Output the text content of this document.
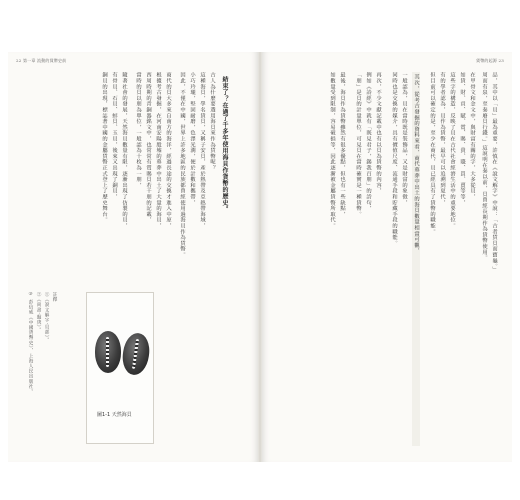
22 第一章 流動的貨幣史前
結束了？在過了千多年使用海貝作貨幣的歷史。
古人為什麼要選用海貝來作為貨幣呢？
這種海貝，學名貨貝，又稱子安貝，產於熱帶及亞熱帶海域，
小巧玲瓏，堅固耐磨，色澤光潤，便於計數和攜帶，
因此，不僅在中國，世界上許多地區的民族都曾經使用過海貝作為貨幣。
商代的貝大多來自南方的海洋，經過長途的交換才進入中原，
根據考古發掘，在河南安陽殷墟的墓葬中出土了大量的海貝，
西周時期的青銅器銘文中，也常常有賞賜貝若干朋的記載，
當時的貝以朋為單位，一般認為十枚為一朋，
隨著社會的發展，天然海貝數量有限，逐漸出現了仿製的貝，
有骨貝、石貝、蚌貝、玉貝，後來又出現了銅貝，
銅貝的出現，標誌著中國的金屬貨幣正式登上了歷史舞台。
圖1-1 天然海貝
註釋
①《說文解字·貝部》。
②《尚書·盤庚》。
③ 彭信威《中國貨幣史》，上海人民出版社。
貨幣的起源 23
品，其中以「貝」最為重要，許慎在《說文解字》中說：「古者貨貝而寶龜。」
周而有泉，至秦廢貝行錢。」這說明在秦以前，貝曾經長期作為貨幣使用。
在甲骨文和金文中，與財富有關的字，大多從貝，
如貨、財、貢、賦、賞、賜、貴、賤、買、賣等等，
這些字的構造，反映了貝在古代社會經濟生活中的重要地位。
有的學者認為，貝作為貨幣，最早可以追溯到夏代，
但目前可以確定的是，至少在商代，貝已經具有了貨幣的職能。
其次，從考古發掘的資料來看，商代墓葬中出土的海貝數量相當可觀，
一般認為，貝在當時既是裝飾品，又是財富的象徵，
同時也是交換的媒介，具有價值尺度、流通手段和貯藏手段的職能。
再次，不少文獻記載中也有以貝為貨幣的內容，
例如《詩經》中就有「既見君子，錫我百朋」的詩句，
「朋」是貝的計量單位，可見貝在當時確實是一種貨幣。
最後，海貝作為貨幣雖然有很多優點，但也有一些缺點，
如數量受到限制，容易破損等，因此逐漸被金屬貨幣所取代。
